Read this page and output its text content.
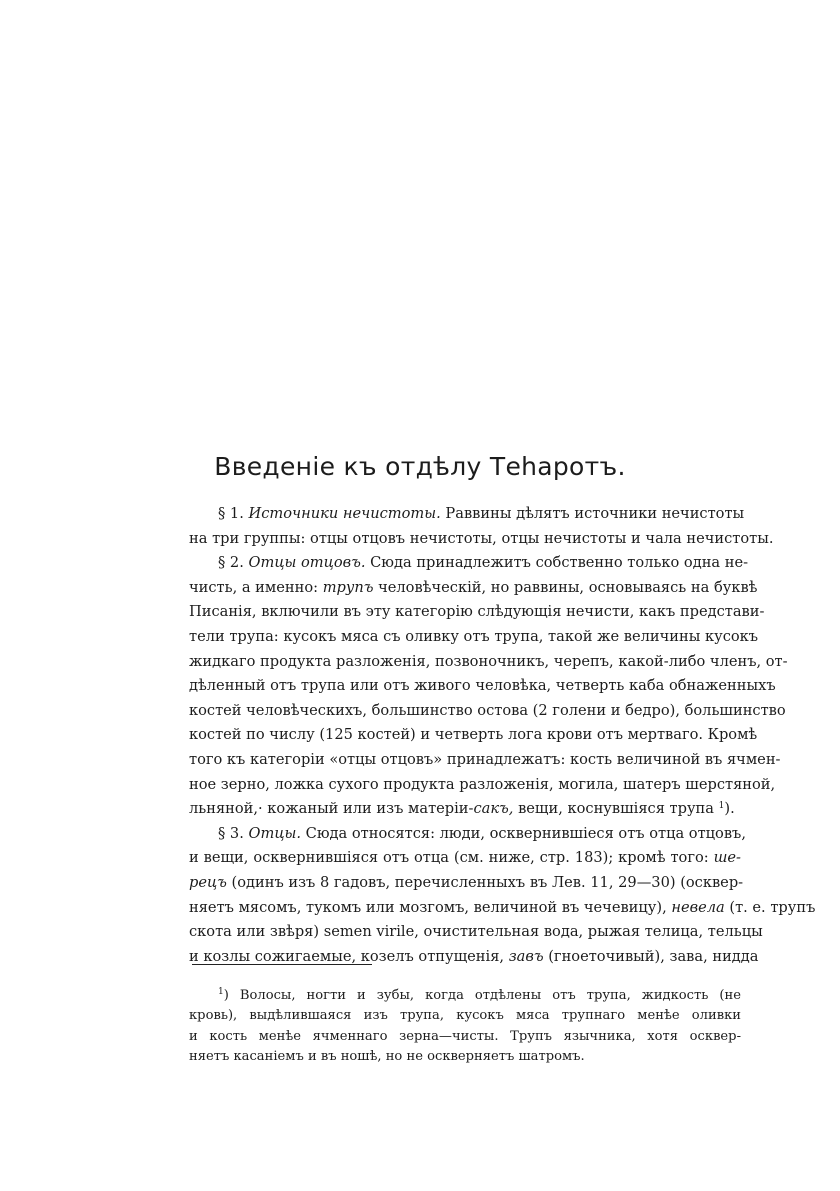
Введеніе къ отдѣлу Теһаротъ.
§ 1. Источники нечистоты. Раввины дѣлятъ источники нечистоты
на три группы: отцы отцовъ нечистоты, отцы нечистоты и чала нечистоты.
§ 2. Отцы отцовъ. Сюда принадлежитъ собственно только одна не-
чисть, а именно: трупъ человѣческій, но раввины, основываясь на буквѣ
Писанія, включили въ эту категорію слѣдующія нечисти, какъ представи-
тели трупа: кусокъ мяса съ оливку отъ трупа, такой же величины кусокъ
жидкаго продукта разложенія, позвоночникъ, черепъ, какой-либо членъ, от-
дѣленный отъ трупа или отъ живого человѣка, четверть каба обнаженныхъ
костей человѣческихъ, большинство остова (2 голени и бедро), большинство
костей по числу (125 костей) и четверть лога крови отъ мертваго. Кромѣ
того къ категоріи «отцы отцовъ» принадлежатъ: кость величиной въ ячмен-
ное зерно, ложка сухого продукта разложенія, могила, шатеръ шерстяной,
льняной,· кожаный или изъ матеріи-сакъ, вещи, коснувшіяся трупа $^1$).
§ 3. Отцы. Сюда относятся: люди, осквернившіеся отъ отца отцовъ,
и вещи, осквернившіяся отъ отца (см. ниже, стр. 183); кромѣ того: ше-
рецъ (одинъ изъ 8 гадовъ, перечисленныхъ въ Лев. 11, 29—30) (осквер-
няетъ мясомъ, тукомъ или мозгомъ, величиной въ чечевицу), невела (т. е. трупъ
скота или звѣря) semen virile, очистительная вода, рыжая телица, тельцы
и козлы сожигаемые, козелъ отпущенія, завъ (гноеточивый), зава, нидда
$^1$) Волосы, ногти и зубы, когда отдѣлены отъ трупа, жидкость (не
кровь), выдѣлившаяся изъ трупа, кусокъ мяса трупнаго менѣе оливки
и кость менѣе ячменнаго зерна—чисты. Трупъ язычника, хотя осквер-
няетъ касаніемъ и въ ношѣ, но не оскверняетъ шатромъ.
